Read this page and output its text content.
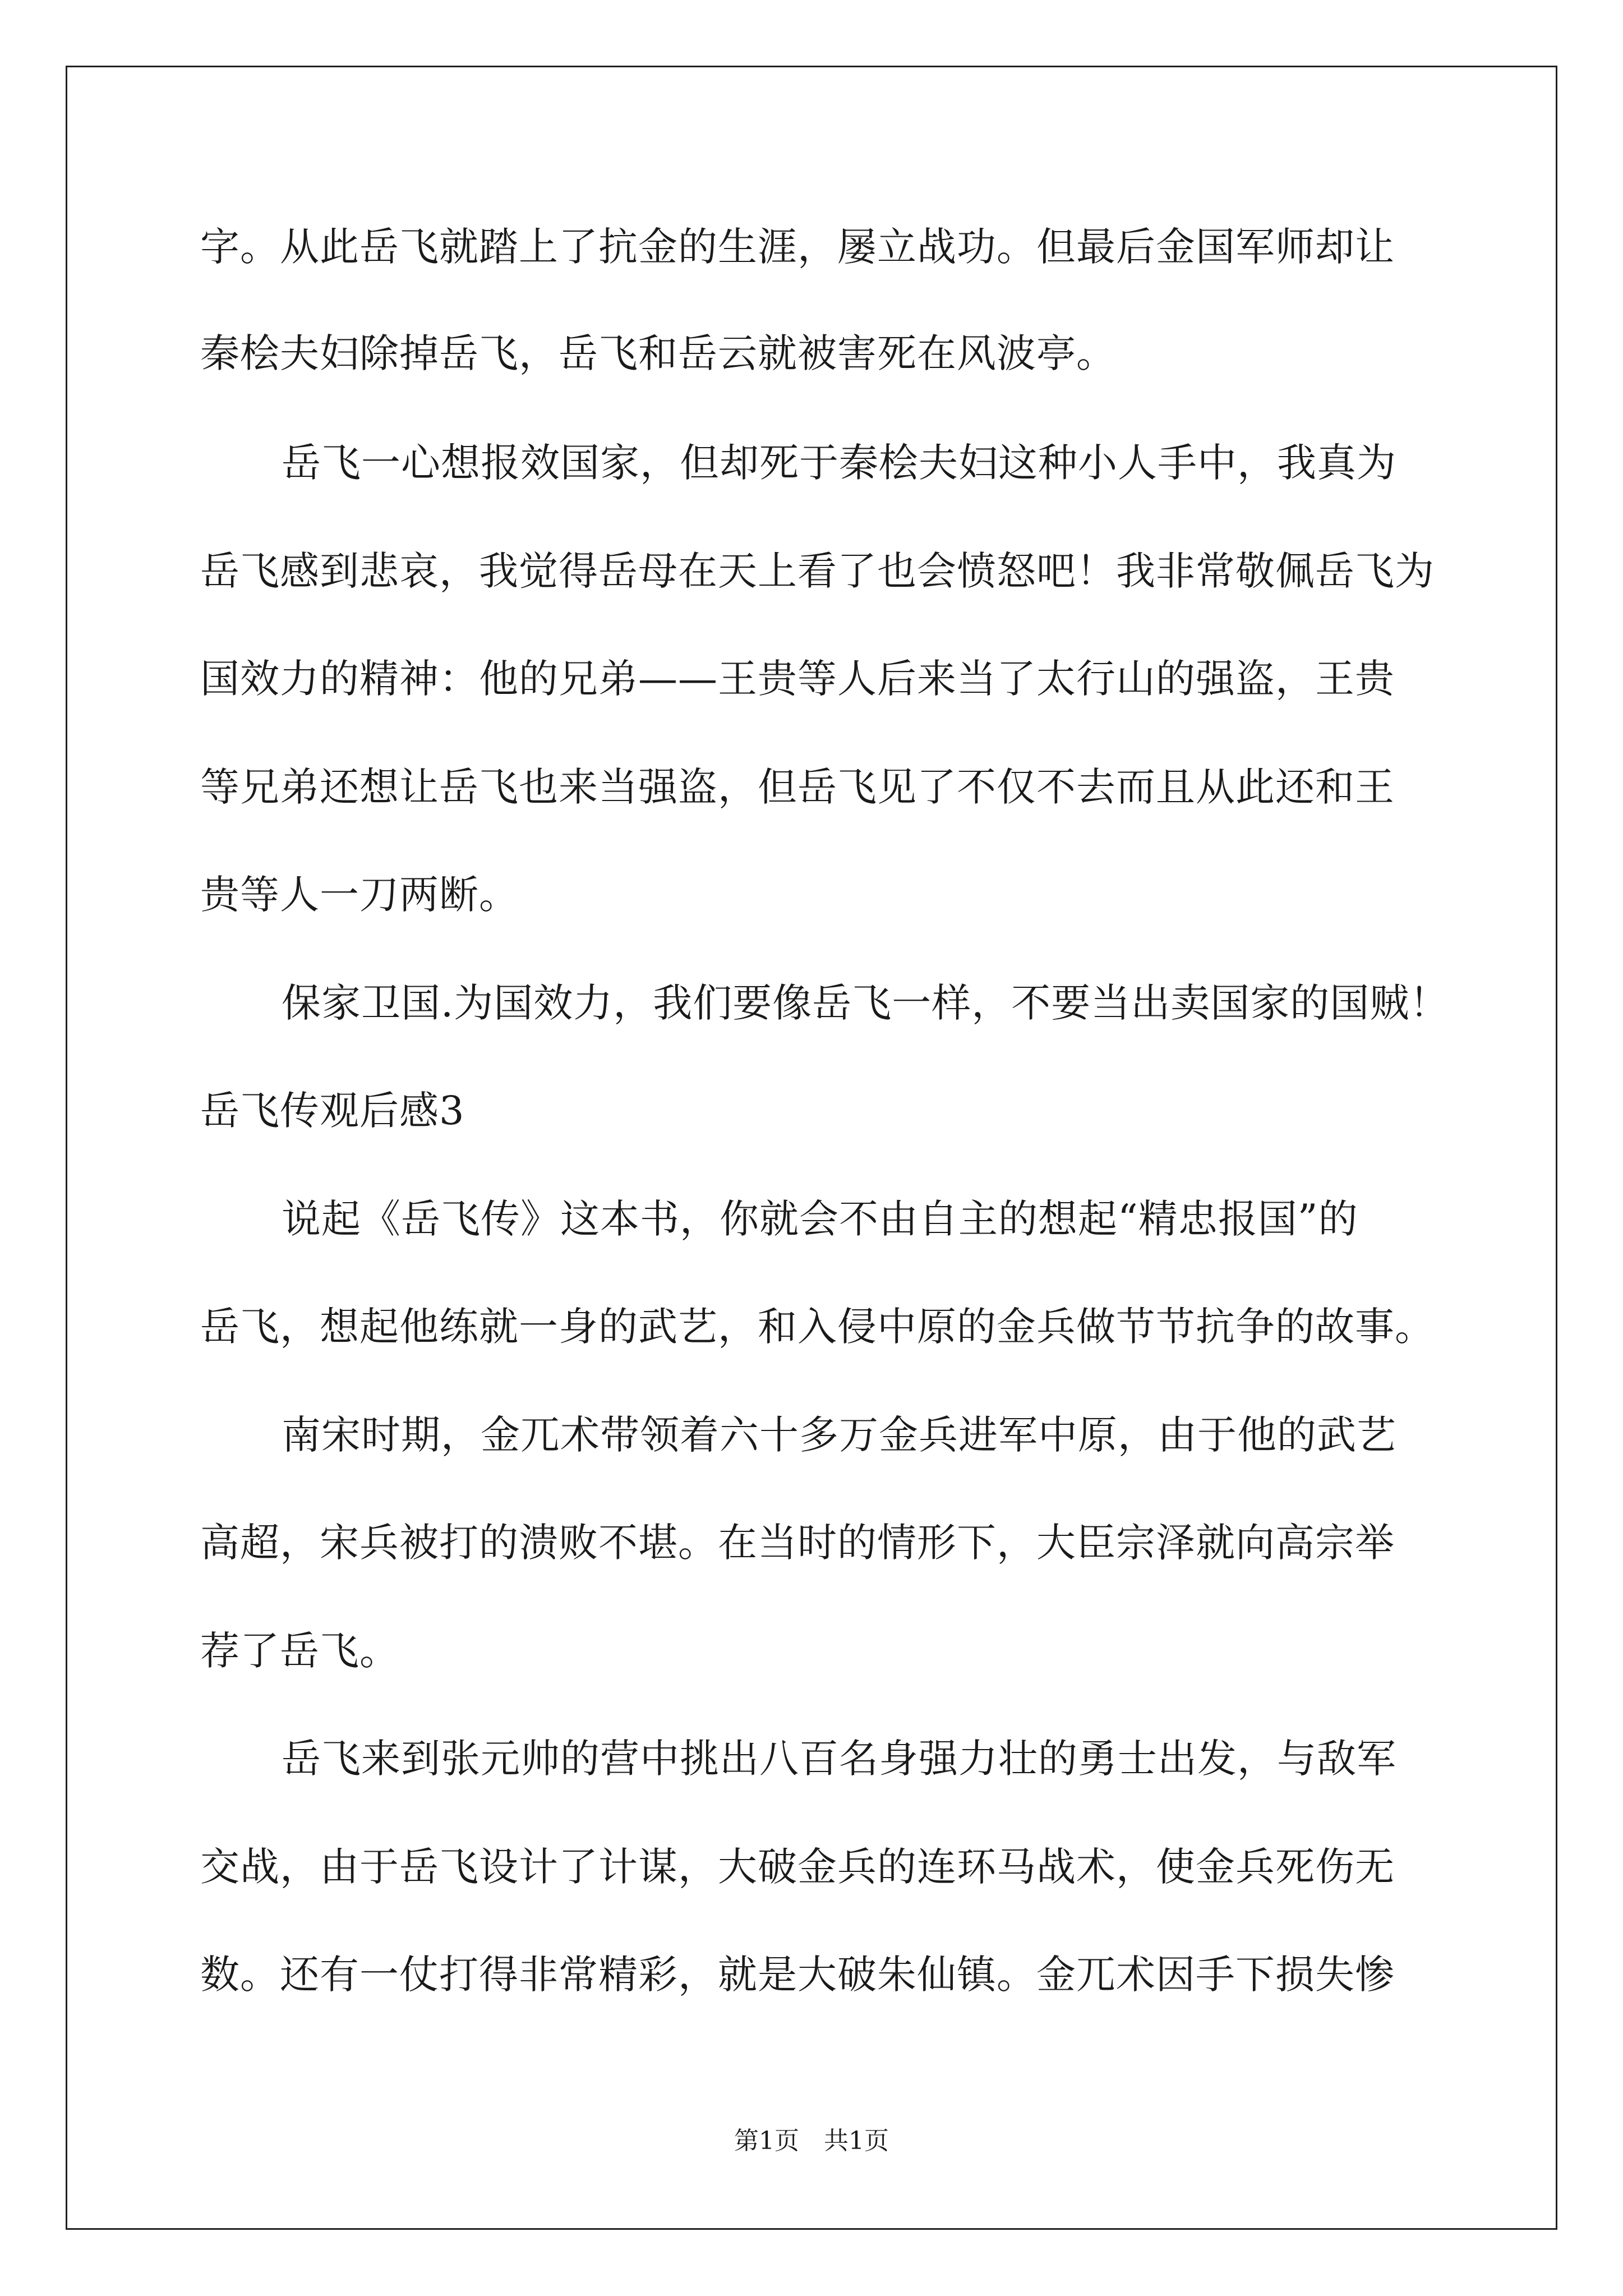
字。从此岳飞就踏上了抗金的生涯，屡立战功。但最后金国军师却让
秦桧夫妇除掉岳飞，岳飞和岳云就被害死在风波亭。
岳飞一心想报效国家，但却死于秦桧夫妇这种小人手中，我真为
岳飞感到悲哀，我觉得岳母在天上看了也会愤怒吧！我非常敬佩岳飞为
国效力的精神：他的兄弟——王贵等人后来当了太行山的强盗，王贵
等兄弟还想让岳飞也来当强盗，但岳飞见了不仅不去而且从此还和王
贵等人一刀两断。
保家卫国.为国效力，我们要像岳飞一样，不要当出卖国家的国贼！
岳飞传观后感3
说起《岳飞传》这本书，你就会不由自主的想起“精忠报国”的
岳飞，想起他练就一身的武艺，和入侵中原的金兵做节节抗争的故事。
南宋时期，金兀术带领着六十多万金兵进军中原，由于他的武艺
高超，宋兵被打的溃败不堪。在当时的情形下，大臣宗泽就向高宗举
荐了岳飞。
岳飞来到张元帅的营中挑出八百名身强力壮的勇士出发，与敌军
交战，由于岳飞设计了计谋，大破金兵的连环马战术，使金兵死伤无
数。还有一仗打得非常精彩，就是大破朱仙镇。金兀术因手下损失惨
第1页　共1页
